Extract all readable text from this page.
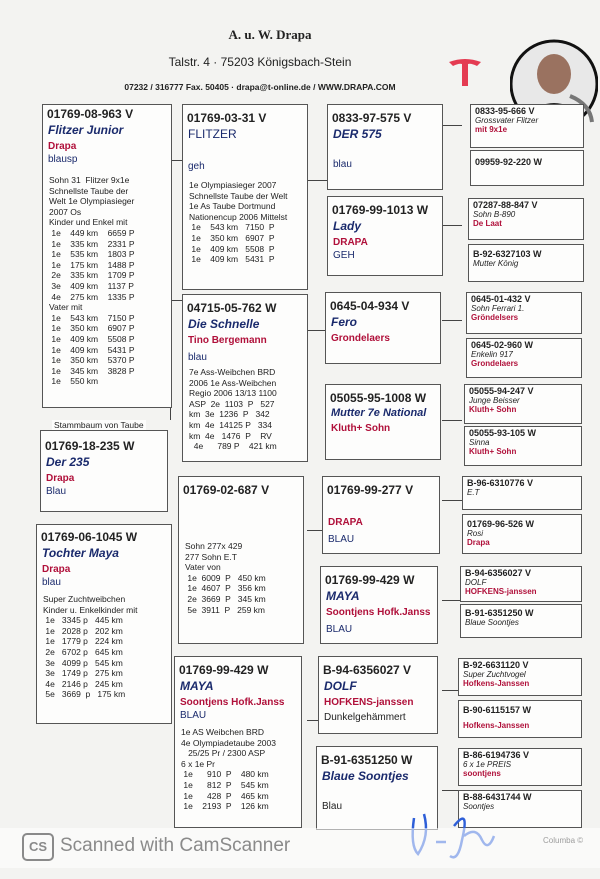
A. u. W. Drapa
Talstr. 4 · 75203 Königsbach-Stein
07232 / 316777 Fax. 50405 · drapa@t-online.de / WWW.DRAPA.COM
01769-08-963 V
Flitzer Junior
Drapa
blausp
Sohn 31  Flitzer 9x1e
Schnellste Taube der
Welt 1e Olympiasieger
2007 Os
Kinder und Enkel mit
1e    449 km    6659 P
1e    335 km    2331 P
1e    535 km    1803 P
1e    175 km    1488 P
2e    335 km    1709 P
3e    409 km    1137 P
4e    275 km    1335 P
Vater mit
1e    543 km    7150 P
1e    350 km    6907 P
1e    409 km    5508 P
1e    409 km    5431 P
1e    350 km    5370 P
1e    345 km    3828 P
1e    550 km
Stammbaum von Taube
01769-18-235 W
Der 235
Drapa
Blau
01769-06-1045 W
Tochter Maya
Drapa
blau
Super Zuchtweibchen
Kinder u. Enkelkinder mit
1e   3345 p   445 km
1e   2028 p   202 km
1e   1779 p   224 km
2e   6702 p   645 km
3e   4099 p   545 km
3e   1749 p   275 km
4e   2146 p   245 km
5e   3669  p   175 km
01769-03-31 V
FLITZER
geh
1e Olympiasieger 2007
Schnellste Taube der Welt
1e As Taube Dortmund
Nationencup 2006 Mittelst
1e    543 km   7150  P
1e    350 km   6907  P
1e    409 km   5508  P
1e    409 km   5431  P
04715-05-762 W
Die Schnelle
Tino Bergemann
blau
7e Ass-Weibchen BRD
2006 1e Ass-Weibchen
Regio 2006 13/13 1100
ASP  2e  1103  P   527
km  3e  1236  P   342
km  4e  14125 P   334
km  4e   1476  P    RV
4e      789 P    421 km
01769-02-687 V
Sohn 277x 429
277 Sohn E.T
Vater von
1e  6009  P   450 km
1e  4607  P   356 km
2e  3669  P   345 km
5e  3911  P   259 km
01769-99-429 W
MAYA
Soontjens Hofk.Janss
BLAU
1e AS Weibchen BRD
4e Olympiadetaube 2003
25/25 Pr / 2300 ASP
6 x 1e Pr
1e      910  P    480 km
1e      812  P    545 km
1e      428  P    465 km
1e    2193  P    126 km
0833-97-575 V
DER 575
blau
01769-99-1013 W
Lady
DRAPA
GEH
0645-04-934 V
Fero
Grondelaers
05055-95-1008 W
Mutter 7e National
Kluth+ Sohn
01769-99-277 V
DRAPA
BLAU
01769-99-429 W
MAYA
Soontjens Hofk.Janss
BLAU
B-94-6356027 V
DOLF
HOFKENS-janssen
Dunkelgehämmert
B-91-6351250 W
Blaue Soontjes
Blau
0833-95-666 V
Grossvater Flitzer
mit 9x1e
09959-92-220 W
07287-88-847 V
Sohn B-890
De Laat
B-92-6327103 W
Mutter König
0645-01-432 V
Sohn Ferrari 1.
Gröndelsers
0645-02-960 W
Enkelin 917
Grondelaers
05055-94-247 V
Junge Beisser
Kluth+ Sohn
05055-93-105 W
Sinna
Kluth+ Sohn
B-96-6310776 V
E.T
01769-96-526 W
Rosi
Drapa
B-94-6356027 V
DOLF
HOFKENS-janssen
B-91-6351250 W
Blaue Soontjes
B-92-6631120 V
Super Zuchtvogel
Hofkens-Janssen
B-90-6115157 W
Hofkens-Janssen
B-86-6194736 V
6 x 1e PREIS
soontjens
B-88-6431744 W
Soontjes
CS Scanned with CamScanner
